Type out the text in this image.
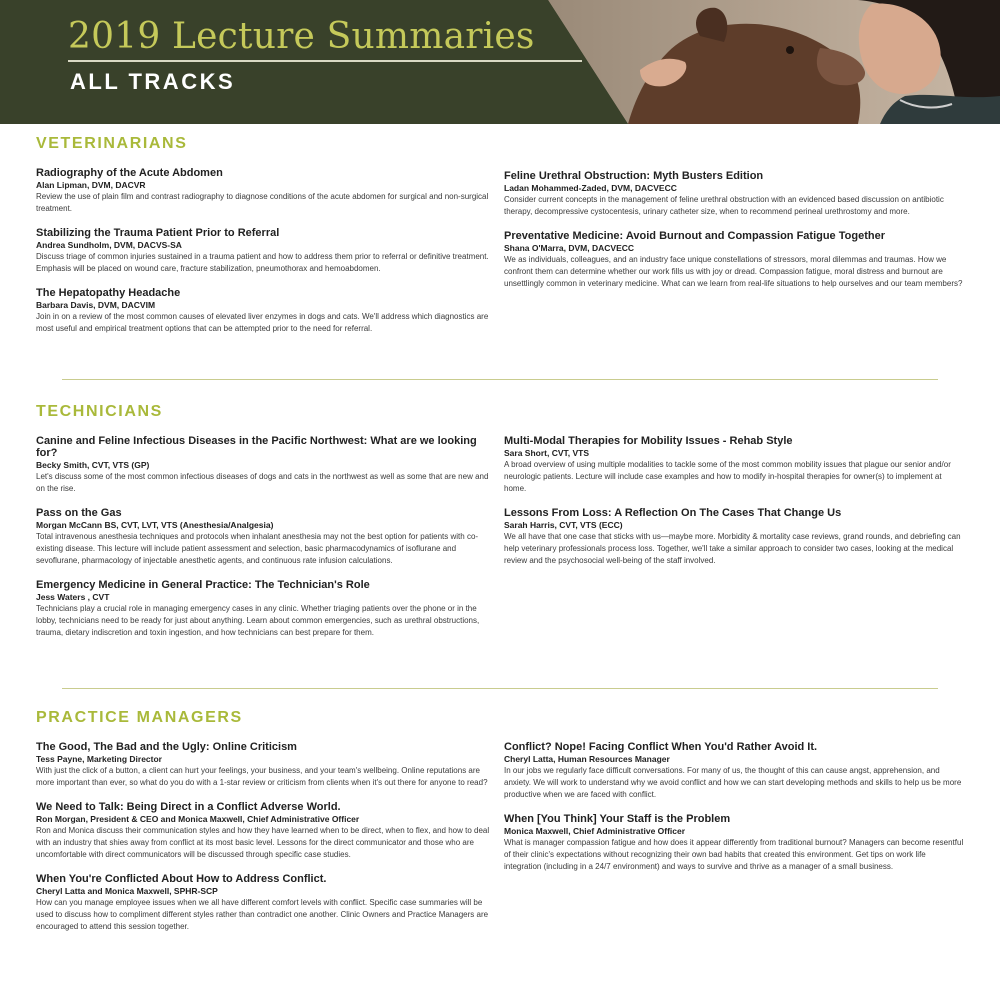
2019 Lecture Summaries
ALL TRACKS
VETERINARIANS
Radiography of the Acute Abdomen
Alan Lipman, DVM, DACVR
Review the use of plain film and contrast radiography to diagnose conditions of the acute abdomen for surgical and non-surgical treatment.
Stabilizing the Trauma Patient Prior to Referral
Andrea Sundholm, DVM, DACVS-SA
Discuss triage of common injuries sustained in a trauma patient and how to address them prior to referral or definitive treatment. Emphasis will be placed on wound care, fracture stabilization, pneumothorax and hemoabdomen.
The Hepatopathy Headache
Barbara Davis, DVM, DACVIM
Join in on a review of the most common causes of elevated liver enzymes in dogs and cats. We'll address which diagnostics are most useful and empirical treatment options that can be attempted prior to the need for referral.
Feline Urethral Obstruction: Myth Busters Edition
Ladan Mohammed-Zaded, DVM, DACVECC
Consider current concepts in the management of feline urethral obstruction with an evidenced based discussion on antibiotic therapy, decompressive cystocentesis, urinary catheter size, when to recommend perineal urethrostomy and more.
Preventative Medicine: Avoid Burnout and Compassion Fatigue Together
Shana O'Marra, DVM, DACVECC
We as individuals, colleagues, and an industry face unique constellations of stressors, moral dilemmas and traumas. How we confront them can determine whether our work fills us with joy or dread. Compassion fatigue, moral distress and burnout are unsettlingly common in veterinary medicine. What can we learn from real-life situations to help ourselves and our team members?
TECHNICIANS
Canine and Feline Infectious Diseases in the Pacific Northwest: What are we looking for?
Becky Smith, CVT, VTS (GP)
Let's discuss some of the most common infectious diseases of dogs and cats in the northwest as well as some that are new and on the rise.
Pass on the Gas
Morgan McCann BS, CVT, LVT, VTS (Anesthesia/Analgesia)
Total intravenous anesthesia techniques and protocols when inhalant anesthesia may not the best option for patients with co-existing disease. This lecture will include patient assessment and selection, basic pharmacodynamics of isoflurane and sevoflurane, pharmacology of injectable anesthetic agents, and continuous rate infusion calculations.
Emergency Medicine in General Practice: The Technician's Role
Jess Waters , CVT
Technicians play a crucial role in managing emergency cases in any clinic. Whether triaging patients over the phone or in the lobby, technicians need to be ready for just about anything. Learn about common emergencies, such as urethral obstructions, trauma, dietary indiscretion and toxin ingestion, and how technicians can best prepare for them.
Multi-Modal Therapies for Mobility Issues - Rehab Style
Sara Short, CVT, VTS
A broad overview of using multiple modalities to tackle some of the most common mobility issues that plague our senior and/or neurologic patients. Lecture will include case examples and how to modify in-hospital therapies for owner(s) to implement at home.
Lessons From Loss: A Reflection On The Cases That Change Us
Sarah Harris, CVT, VTS (ECC)
We all have that one case that sticks with us—maybe more. Morbidity & mortality case reviews, grand rounds, and debriefing can help veterinary professionals process loss. Together, we'll take a similar approach to consider two cases, looking at the medical review and the psychosocial well-being of the staff involved.
PRACTICE MANAGERS
The Good, The Bad and the Ugly: Online Criticism
Tess Payne, Marketing Director
With just the click of a button, a client can hurt your feelings, your business, and your team's wellbeing. Online reputations are more important than ever, so what do you do with a 1-star review or criticism from clients when it's out there for anyone to read?
We Need to Talk: Being Direct in a Conflict Adverse World.
Ron Morgan, President & CEO and Monica Maxwell, Chief Administrative Officer
Ron and Monica discuss their communication styles and how they have learned when to be direct, when to flex, and how to deal with an industry that shies away from conflict at its most basic level. Lessons for the direct communicator and those who are uncomfortable with direct communicators will be discussed through specific case studies.
When You're Conflicted About How to Address Conflict.
Cheryl Latta and Monica Maxwell, SPHR-SCP
How can you manage employee issues when we all have different comfort levels with conflict. Specific case summaries will be used to discuss how to compliment different styles rather than contradict one another. Clinic Owners and Practice Managers are encouraged to attend this session together.
Conflict? Nope! Facing Conflict When You'd Rather Avoid It.
Cheryl Latta, Human Resources Manager
In our jobs we regularly face difficult conversations. For many of us, the thought of this can cause angst, apprehension, and anxiety. We will work to understand why we avoid conflict and how we can start developing methods and skills to help us be more productive when we are faced with conflict.
When [You Think] Your Staff is the Problem
Monica Maxwell, Chief Administrative Officer
What is manager compassion fatigue and how does it appear differently from traditional burnout? Managers can become resentful of their clinic's expectations without recognizing their own bad habits that created this environment. Get tips on work life integration (including in a 24/7 environment) and ways to survive and thrive as a manager of a small business.
